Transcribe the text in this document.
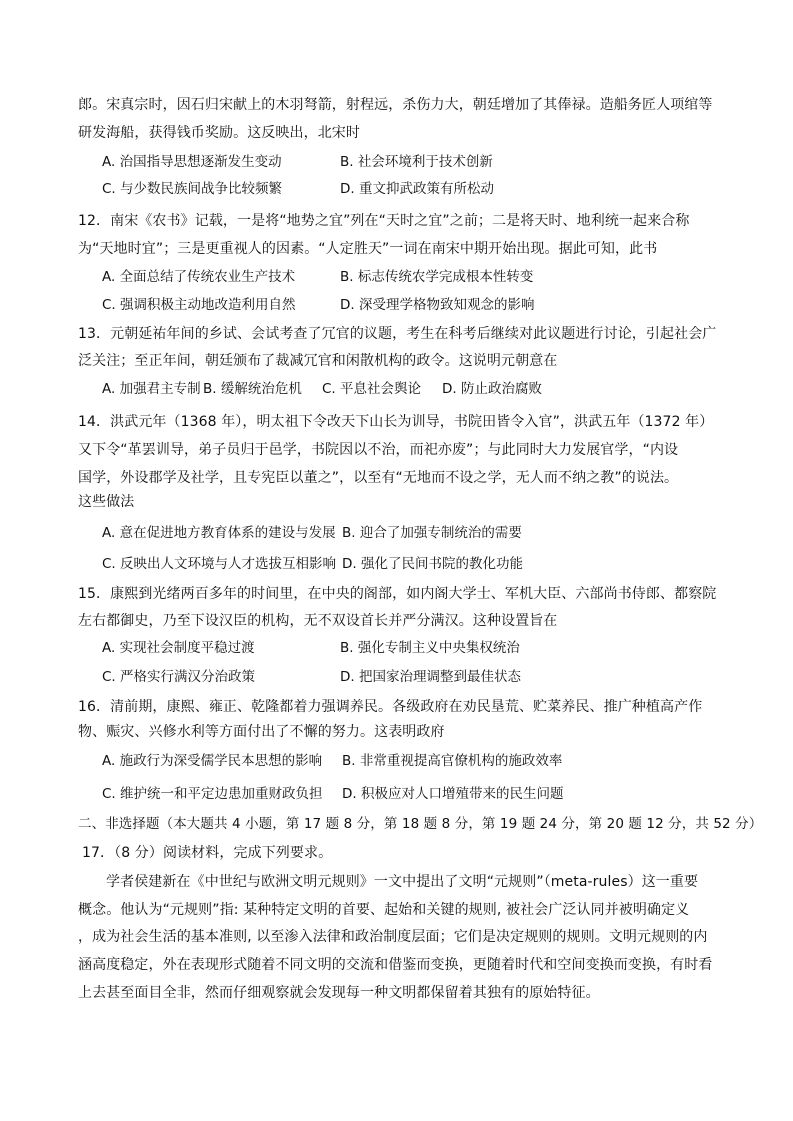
郎。宋真宗时，因石归宋献上的木羽弩箭，射程远，杀伤力大，朝廷增加了其俸禄。造船务匠人项绾等
研发海船，获得钱币奖励。这反映出，北宋时
A. 治国指导思想逐渐发生变动	B. 社会环境利于技术创新
C. 与少数民族间战争比较频繁	D. 重文抑武政策有所松动
12．南宋《农书》记载，一是将“地势之宜”列在“天时之宜”之前；二是将天时、地利统一起来合称
为“天地时宜”；三是更重视人的因素。“人定胜天”一词在南宋中期开始出现。据此可知，此书
A. 全面总结了传统农业生产技术	B. 标志传统农学完成根本性转变
C. 强调积极主动地改造利用自然	D. 深受理学格物致知观念的影响
13．元朝延祐年间的乡试、会试考查了冗官的议题，考生在科考后继续对此议题进行讨论，引起社会广
泛关注；至正年间，朝廷颁布了裁减冗官和闲散机构的政令。这说明元朝意在
A. 加强君主专制 B. 缓解统治危机 C. 平息社会舆论 D. 防止政治腐败
14．洪武元年（1368 年），明太祖下令改天下山长为训导，书院田皆令入官”，洪武五年（1372 年）
又下令“革罢训导，弟子员归于邑学，书院因以不治，而祀亦废”；与此同时大力发展官学，“内设
国学，外设郡学及社学，且专宪臣以董之”，以至有“无地而不设之学，无人而不纳之教”的说法。
这些做法
A. 意在促进地方教育体系的建设与发展 B. 迎合了加强专制统治的需要
C. 反映出人文环境与人才选拔互相影响 D. 强化了民间书院的教化功能
15．康熙到光绪两百多年的时间里，在中央的阁部，如内阁大学士、军机大臣、六部尚书侍郎、都察院
左右都御史，乃至下设汉臣的机构，无不双设首长并严分满汉。这种设置旨在
A. 实现社会制度平稳过渡	B. 强化专制主义中央集权统治
C. 严格实行满汉分治政策	D. 把国家治理调整到最佳状态
16．清前期，康熙、雍正、乾隆都着力强调养民。各级政府在劝民垦荒、贮菜养民、推广种植高产作
物、赈灾、兴修水利等方面付出了不懈的努力。这表明政府
A. 施政行为深受儒学民本思想的影响 B. 非常重视提高官僚机构的施政效率
C. 维护统一和平定边患加重财政负担 D. 积极应对人口增殖带来的民生问题
二、非选择题（本大题共 4 小题，第 17 题 8 分，第 18 题 8 分，第 19 题 24 分，第 20 题 12 分，共 52 分）
17．（8 分）阅读材料，完成下列要求。
学者侯建新在《中世纪与欧洲文明元规则》一文中提出了文明“元规则”（meta-rules）这一重要
概念。他认为“元规则”指: 某种特定文明的首要、起始和关键的规则, 被社会广泛认同并被明确定义
，成为社会生活的基本准则, 以至渗入法律和政治制度层面；它们是决定规则的规则。文明元规则的内
涵高度稳定，外在表现形式随着不同文明的交流和借鉴而变换，更随着时代和空间变换而变换，有时看
上去甚至面目全非，然而仔细观察就会发现每一种文明都保留着其独有的原始特征。
